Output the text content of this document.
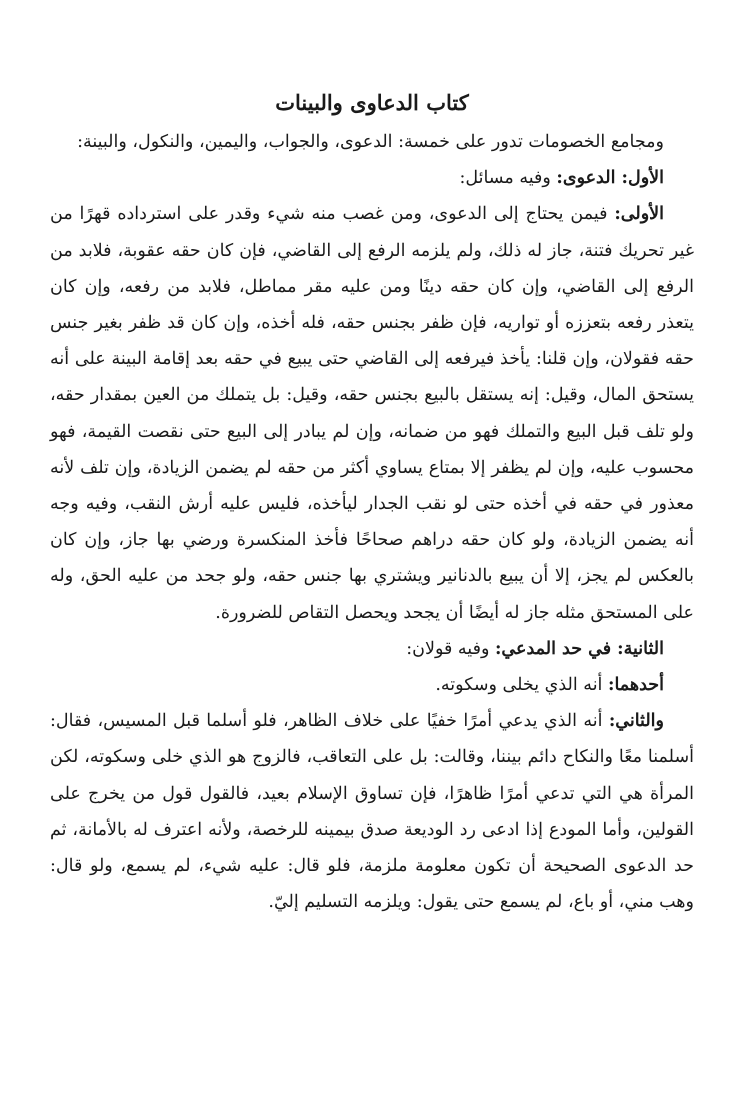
كتاب الدعاوى والبينات

ومجامع الخصومات تدور على خمسة: الدعوى، والجواب، واليمين، والنكول، والبينة:

الأول: الدعوى: وفيه مسائل:

الأولى: فيمن يحتاج إلى الدعوى، ومن غصب منه شيء وقدر على استرداده قهرًا من غير تحريك فتنة، جاز له ذلك، ولم يلزمه الرفع إلى القاضي، فإن كان حقه عقوبة، فلابد من الرفع إلى القاضي، وإن كان حقه دينًا ومن عليه مقر مماطل، فلابد من رفعه، وإن كان يتعذر رفعه بتعززه أو تواريه، فإن ظفر بجنس حقه، فله أخذه، وإن كان قد ظفر بغير جنس حقه فقولان، وإن قلنا: يأخذ فيرفعه إلى القاضي حتى يبيع في حقه بعد إقامة البينة على أنه يستحق المال، وقيل: إنه يستقل بالبيع بجنس حقه، وقيل: بل يتملك من العين بمقدار حقه، ولو تلف قبل البيع والتملك فهو من ضمانه، وإن لم يبادر إلى البيع حتى نقصت القيمة، فهو محسوب عليه، وإن لم يظفر إلا بمتاع يساوي أكثر من حقه لم يضمن الزيادة، وإن تلف لأنه معذور في حقه في أخذه حتى لو نقب الجدار ليأخذه، فليس عليه أرش النقب، وفيه وجه أنه يضمن الزيادة، ولو كان حقه دراهم صحاحًا فأخذ المنكسرة ورضي بها جاز، وإن كان بالعكس لم يجز، إلا أن يبيع بالدنانير ويشتري بها جنس حقه، ولو جحد من عليه الحق، وله على المستحق مثله جاز له أيضًا أن يجحد ويحصل التقاص للضرورة.

الثانية: في حد المدعي: وفيه قولان:

أحدهما: أنه الذي يخلى وسكوته.

والثاني: أنه الذي يدعي أمرًا خفيًا على خلاف الظاهر، فلو أسلما قبل المسيس، فقال: أسلمنا معًا والنكاح دائم بيننا، وقالت: بل على التعاقب، فالزوج هو الذي خلى وسكوته، لكن المرأة هي التي تدعي أمرًا ظاهرًا، فإن تساوق الإسلام بعيد، فالقول قول من يخرج على القولين، وأما المودع إذا ادعى رد الوديعة صدق بيمينه للرخصة، ولأنه اعترف له بالأمانة، ثم حد الدعوى الصحيحة أن تكون معلومة ملزمة، فلو قال: عليه شيء، لم يسمع، ولو قال: وهب مني، أو باع، لم يسمع حتى يقول: ويلزمه التسليم إليّ.
